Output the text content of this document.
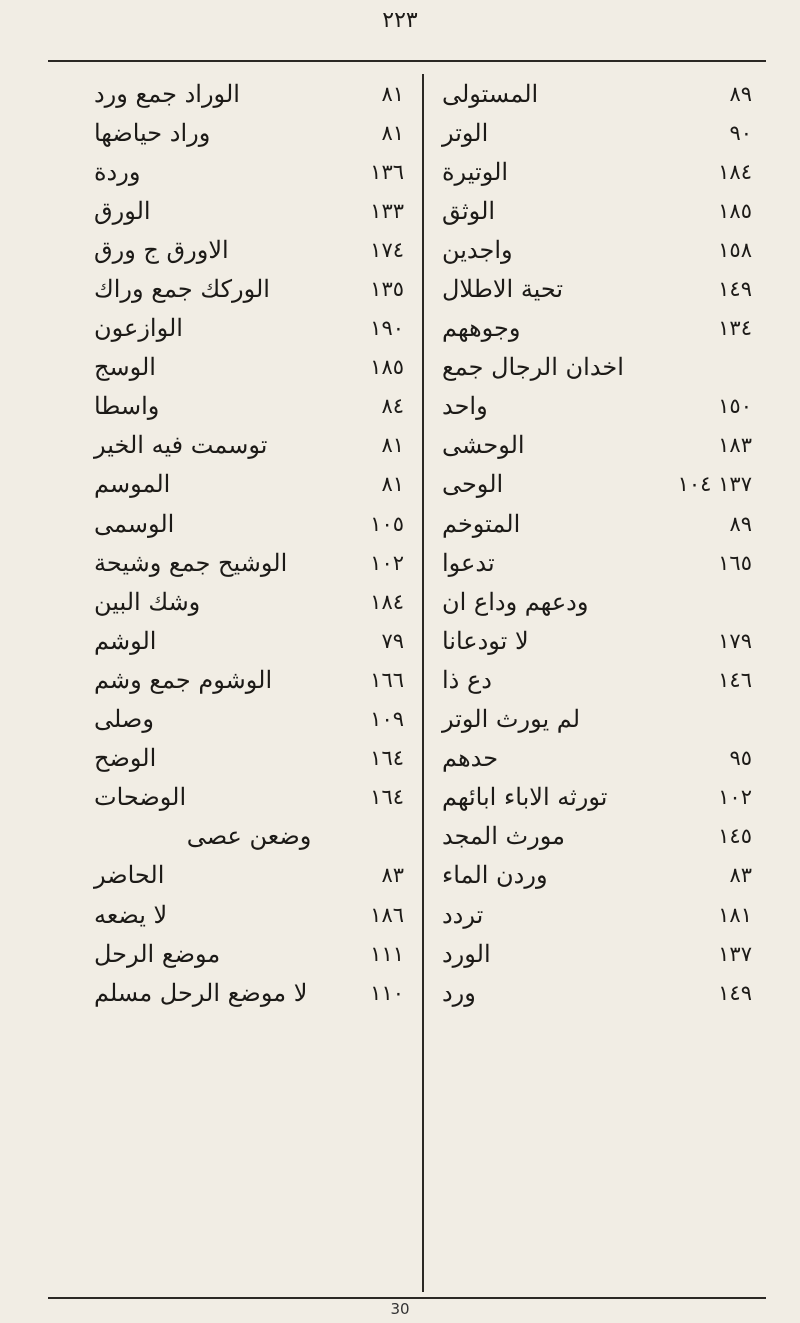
٢٢٣
المستولى	٨٩
الوتر	٩٠
الوتيرة	١٨٤
الوثق	١٨٥
واجدين	١٥٨
تحية الاطلال	١٤٩
وجوههم	١٣٤
اخدان الرجال جمع
واحد	١٥٠
الوحشى	١٨٣
الوحى	١٣٧ ١٠٤
المتوخم	٨٩
تدعوا	١٦٥
ودعهم وداع ان
لا تودعانا	١٧٩
دع ذا	١٤٦
لم يورث الوتر
حدهم	٩٥
تورثه الاباء ابائهم	١٠٢
مورث المجد	١٤٥
وردن الماء	٨٣
تردد	١٨١
الورد	١٣٧
ورد	١٤٩
الوراد جمع ورد	٨١
وراد حياضها	٨١
وردة	١٣٦
الورق	١٣٣
الاورق ج ورق	١٧٤
الوركك جمع وراك	١٣٥
الوازعون	١٩٠
الوسج	١٨٥
واسطا	٨٤
توسمت فيه الخير	٨١
الموسم	٨١
الوسمى	١٠٥
الوشيح جمع وشيحة	١٠٢
وشك البين	١٨٤
الوشم	٧٩
الوشوم جمع وشم	١٦٦
وصلى	١٠٩
الوضح	١٦٤
الوضحات	١٦٤
وضعن عصى
الحاضر	٨٣
لا يضعه	١٨٦
موضع الرحل	١١١
لا موضع الرحل مسلم	١١٠
30
